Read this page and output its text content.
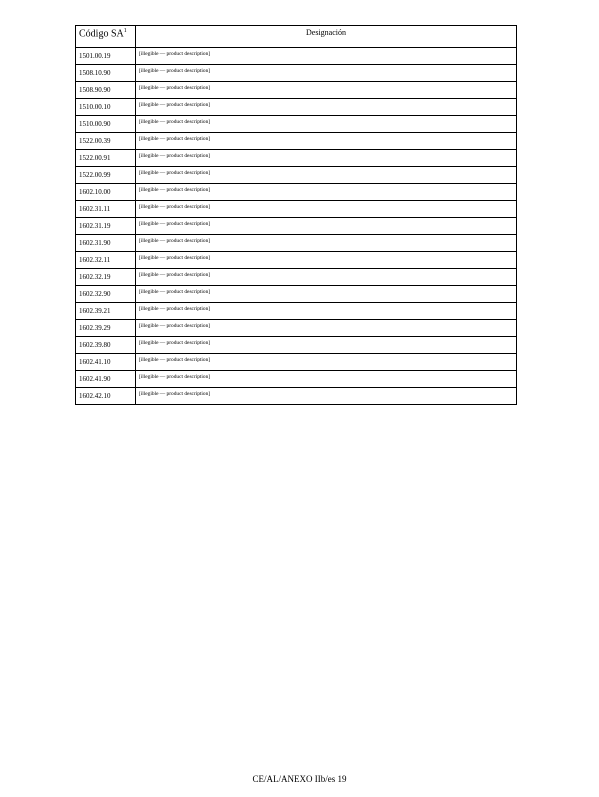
Código $SA^1$	Designación
1501.00.19	[illegible — product description]
1508.10.90	[illegible — product description]
1508.90.90	[illegible — product description]
1510.00.10	[illegible — product description]
1510.00.90	[illegible — product description]
1522.00.39	[illegible — product description]
1522.00.91	[illegible — product description]
1522.00.99	[illegible — product description]
1602.10.00	[illegible — product description]
1602.31.11	[illegible — product description]
1602.31.19	[illegible — product description]
1602.31.90	[illegible — product description]
1602.32.11	[illegible — product description]
1602.32.19	[illegible — product description]
1602.32.90	[illegible — product description]
1602.39.21	[illegible — product description]
1602.39.29	[illegible — product description]
1602.39.80	[illegible — product description]
1602.41.10	[illegible — product description]
1602.41.90	[illegible — product description]
1602.42.10	[illegible — product description]
CE/AL/ANEXO IIb/es 19
